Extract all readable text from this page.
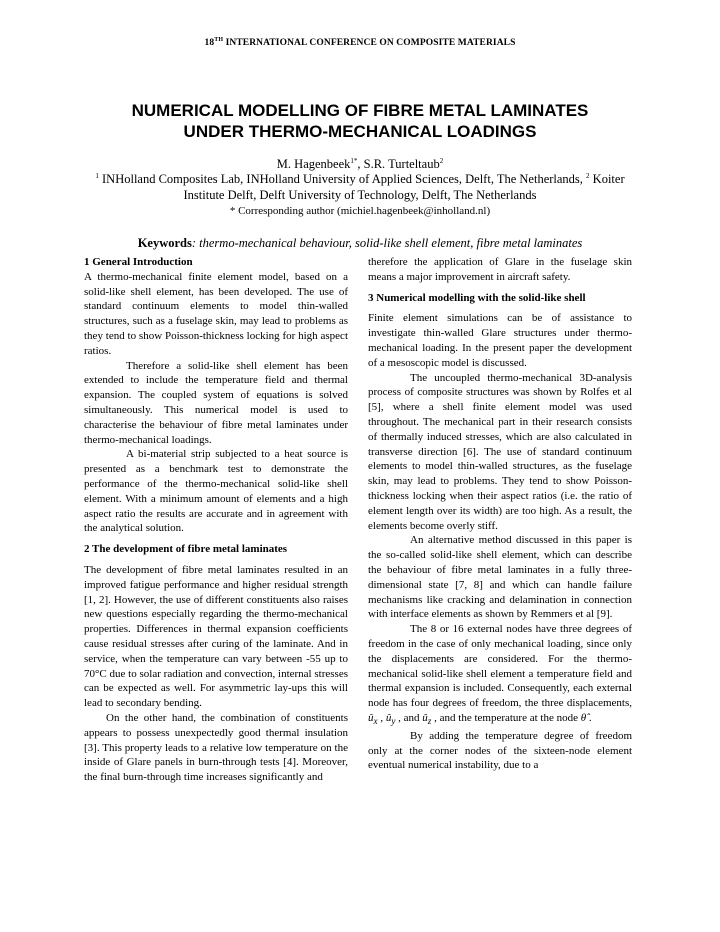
18TH INTERNATIONAL CONFERENCE ON COMPOSITE MATERIALS
NUMERICAL MODELLING OF FIBRE METAL LAMINATES
UNDER THERMO-MECHANICAL LOADINGS
M. Hagenbeek$^{1*}$, S.R. Turteltaub$^2$
$^1$ INHolland Composites Lab, INHolland University of Applied Sciences, Delft, The Netherlands, $^2$ Koiter Institute Delft, Delft University of Technology, Delft, The Netherlands
* Corresponding author (michiel.hagenbeek@inholland.nl)
Keywords: thermo-mechanical behaviour, solid-like shell element, fibre metal laminates
1 General Introduction

A thermo-mechanical finite element model, based on a solid-like shell element, has been developed. The use of standard continuum elements to model thin-walled structures, such as a fuselage skin, may lead to problems as they tend to show Poisson-thickness locking for high aspect ratios.

Therefore a solid-like shell element has been extended to include the temperature field and thermal expansion. The coupled system of equations is solved simultaneously. This numerical model is used to characterise the behaviour of fibre metal laminates under thermo-mechanical loadings.

A bi-material strip subjected to a heat source is presented as a benchmark test to demonstrate the performance of the thermo-mechanical solid-like shell element. With a minimum amount of elements and a high aspect ratio the results are accurate and in agreement with the analytical solution.

2 The development of fibre metal laminates

The development of fibre metal laminates resulted in an improved fatigue performance and higher residual strength [1, 2]. However, the use of different constituents also raises new questions especially regarding the thermo-mechanical properties. Differences in thermal expansion coefficients cause residual stresses after curing of the laminate. And in service, when the temperature can vary between -55 up to 70°C due to solar radiation and convection, internal stresses can be expected as well. For asymmetric lay-ups this will lead to secondary bending.

On the other hand, the combination of constituents appears to possess unexpectedly good thermal insulation [3]. This property leads to a relative low temperature on the inside of Glare panels in burn-through tests [4]. Moreover, the final burn-through time increases significantly and

therefore the application of Glare in the fuselage skin means a major improvement in aircraft safety.

3 Numerical modelling with the solid-like shell

Finite element simulations can be of assistance to investigate thin-walled Glare structures under thermo-mechanical loading. In the present paper the development of a mesoscopic model is discussed.

The uncoupled thermo-mechanical 3D-analysis process of composite structures was shown by Rolfes et al [5], where a shell finite element model was used throughout. The mechanical part in their research consists of thermally induced stresses, which are also calculated in transverse direction [6]. The use of standard continuum elements to model thin-walled structures, as the fuselage skin, may lead to problems. They tend to show Poisson-thickness locking when their aspect ratios (i.e. the ratio of element length over its width) are too high. As a result, the elements become overly stiff.

An alternative method discussed in this paper is the so-called solid-like shell element, which can describe the behaviour of fibre metal laminates in a fully three-dimensional state [7, 8] and which can handle failure mechanisms like cracking and delamination in connection with interface elements as shown by Remmers et al [9].

The 8 or 16 external nodes have three degrees of freedom in the case of only mechanical loading, since only the displacements are considered. For the thermo-mechanical solid-like shell element a temperature field and thermal expansion is included. Consequently, each external node has four degrees of freedom, the three displacements, $û_x$ , $û_y$ , and $û_z$ , and the temperature at the node θ̂ .

By adding the temperature degree of freedom only at the corner nodes of the sixteen-node element eventual numerical instability, due to a
